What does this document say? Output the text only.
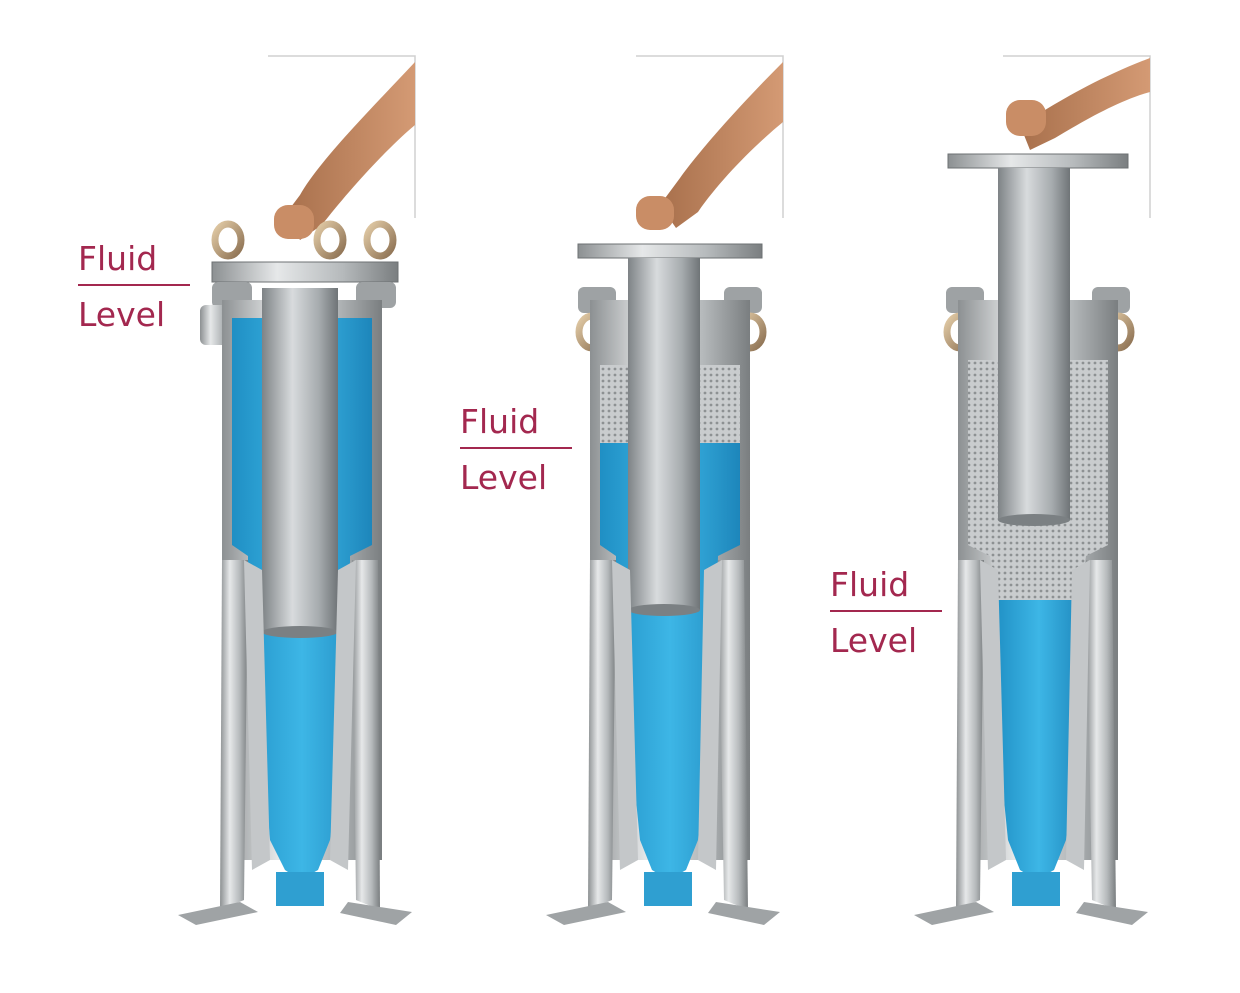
Fluid
Level
Fluid
Level
Fluid
Level
